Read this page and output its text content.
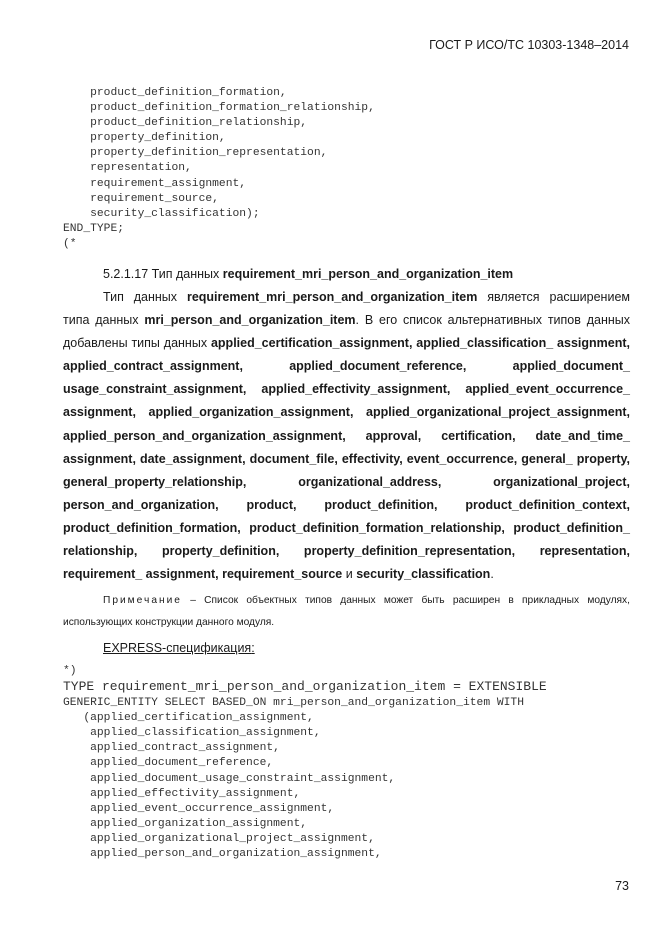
ГОСТ Р ИСО/ТС 10303-1348–2014
product_definition_formation,
product_definition_formation_relationship,
product_definition_relationship,
property_definition,
property_definition_representation,
representation,
requirement_assignment,
requirement_source,
security_classification);
END_TYPE;
(*
5.2.1.17 Тип данных requirement_mri_person_and_organization_item
Тип данных requirement_mri_person_and_organization_item является расширением типа данных mri_person_and_organization_item. В его список альтернативных типов данных добавлены типы данных applied_certification_assignment, applied_classification_ assignment, applied_contract_assignment, applied_document_reference, applied_document_ usage_constraint_assignment, applied_effectivity_assignment, applied_event_occurrence_ assignment, applied_organization_assignment, applied_organizational_project_assignment, applied_person_and_organization_assignment, approval, certification, date_and_time_ assignment, date_assignment, document_file, effectivity, event_occurrence, general_ property, general_property_relationship, organizational_address, organizational_project, person_and_organization, product, product_definition, product_definition_context, product_definition_formation, product_definition_formation_relationship, product_definition_ relationship, property_definition, property_definition_representation, representation, requirement_ assignment, requirement_source и security_classification.
Примечание – Список объектных типов данных может быть расширен в прикладных модулях, использующих конструкции данного модуля.
EXPRESS-спецификация:
*)
TYPE requirement_mri_person_and_organization_item = EXTENSIBLE
GENERIC_ENTITY SELECT BASED_ON mri_person_and_organization_item WITH
(applied_certification_assignment,
applied_classification_assignment,
applied_contract_assignment,
applied_document_reference,
applied_document_usage_constraint_assignment,
applied_effectivity_assignment,
applied_event_occurrence_assignment,
applied_organization_assignment,
applied_organizational_project_assignment,
applied_person_and_organization_assignment,
73
